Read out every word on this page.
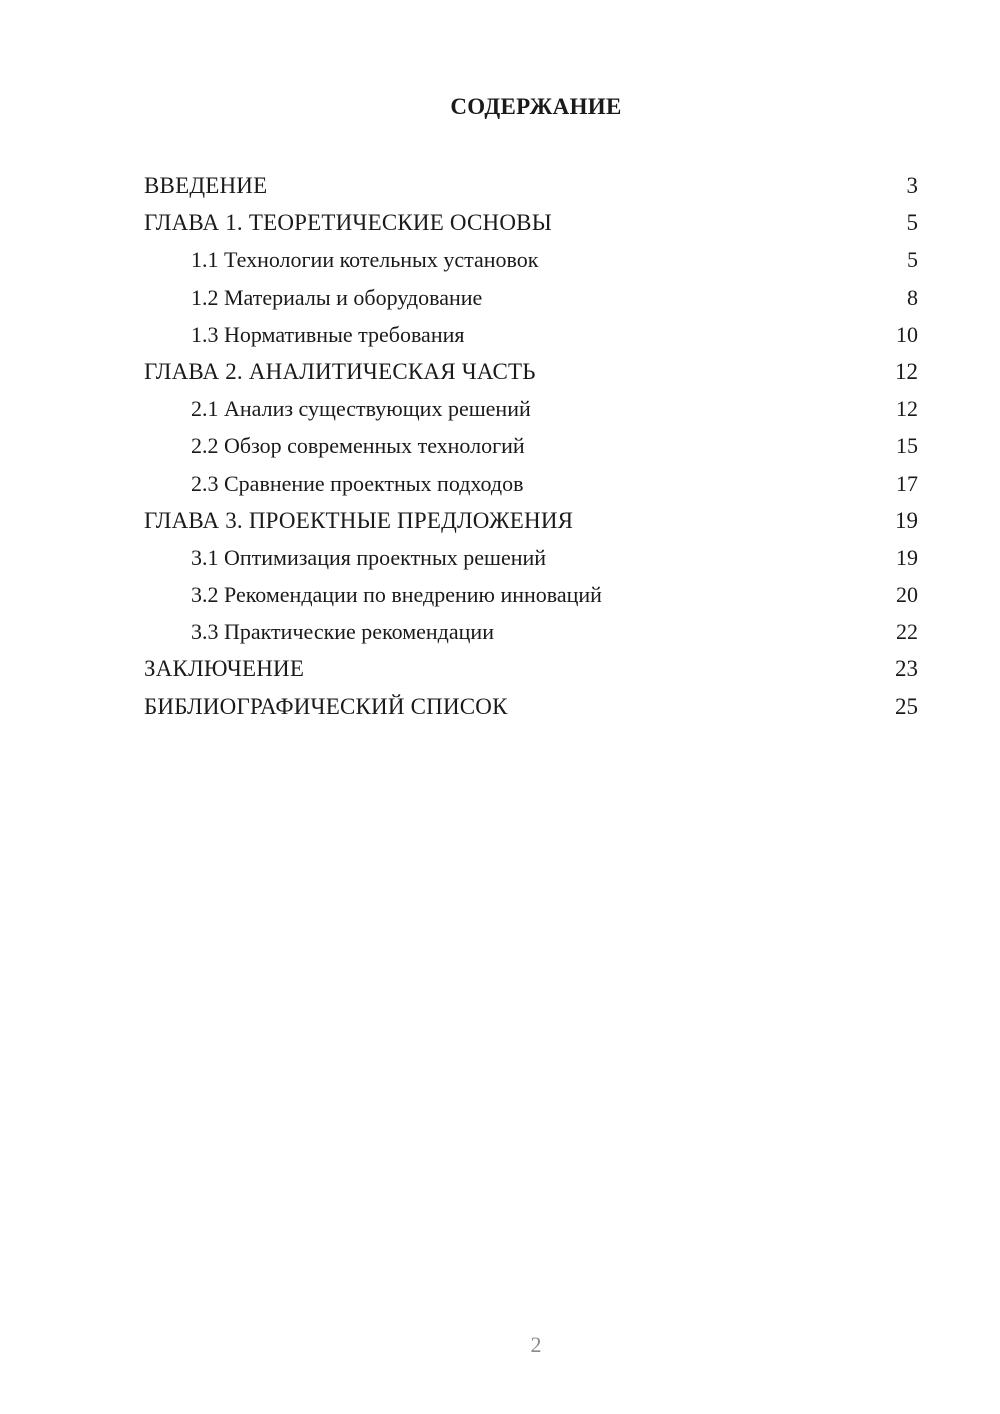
СОДЕРЖАНИЕ
ВВЕДЕНИЕ	3
ГЛАВА 1. ТЕОРЕТИЧЕСКИЕ ОСНОВЫ	5
1.1 Технологии котельных установок	5
1.2 Материалы и оборудование	8
1.3 Нормативные требования	10
ГЛАВА 2. АНАЛИТИЧЕСКАЯ ЧАСТЬ	12
2.1 Анализ существующих решений	12
2.2 Обзор современных технологий	15
2.3 Сравнение проектных подходов	17
ГЛАВА 3. ПРОЕКТНЫЕ ПРЕДЛОЖЕНИЯ	19
3.1 Оптимизация проектных решений	19
3.2 Рекомендации по внедрению инноваций	20
3.3 Практические рекомендации	22
ЗАКЛЮЧЕНИЕ	23
БИБЛИОГРАФИЧЕСКИЙ СПИСОК	25
2
